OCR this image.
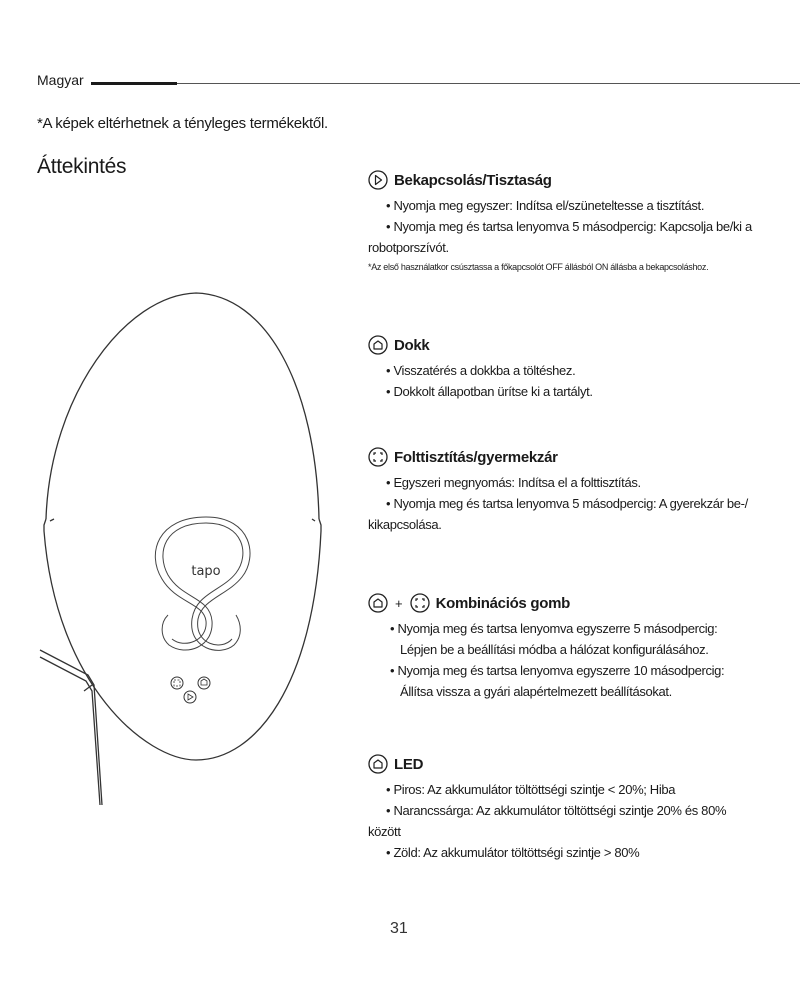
Magyar
*A képek eltérhetnek a tényleges termékektől.
Áttekintés
tapo
Bekapcsolás/Tisztaság
• Nyomja meg egyszer: Indítsa el/szüneteltesse a tisztítást.
• Nyomja meg és tartsa lenyomva 5 másodpercig: Kapcsolja be/ki a
robotporszívót.
*Az első használatkor csúsztassa a főkapcsolót OFF állásból ON állásba a bekapcsoláshoz.
Dokk
• Visszatérés a dokkba a töltéshez.
• Dokkolt állapotban ürítse ki a tartályt.
Folttisztítás/gyermekzár
• Egyszeri megnyomás: Indítsa el a folttisztítás.
• Nyomja meg és tartsa lenyomva 5 másodpercig: A gyerekzár be-/
kikapcsolása.
+ Kombinációs gomb
• Nyomja meg és tartsa lenyomva egyszerre 5 másodpercig:
Lépjen be a beállítási módba a hálózat konfigurálásához.
• Nyomja meg és tartsa lenyomva egyszerre 10 másodpercig:
Állítsa vissza a gyári alapértelmezett beállításokat.
LED
• Piros: Az akkumulátor töltöttségi szintje < 20%; Hiba
• Narancssárga: Az akkumulátor töltöttségi szintje 20% és 80%
között
• Zöld: Az akkumulátor töltöttségi szintje > 80%
31
